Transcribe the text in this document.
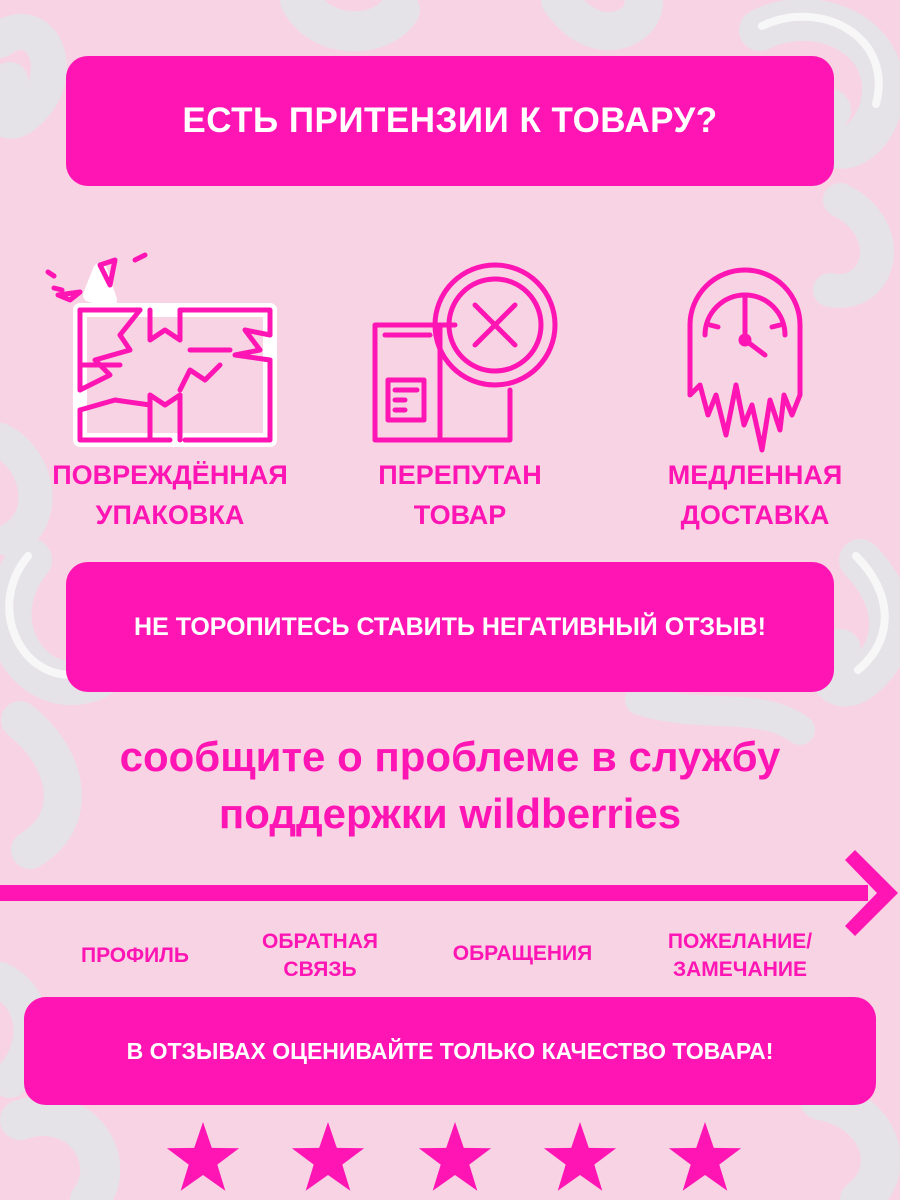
ЕСТЬ ПРИТЕНЗИИ К ТОВАРУ?
ПОВРЕЖДЁННАЯ
УПАКОВКА
ПЕРЕПУТАН
ТОВАР
МЕДЛЕННАЯ
ДОСТАВКА
НЕ ТОРОПИТЕСЬ СТАВИТЬ НЕГАТИВНЫЙ ОТЗЫВ!
сообщите о проблеме в службу
поддержки wildberries
ПРОФИЛЬ
ОБРАТНАЯ
СВЯЗЬ
ОБРАЩЕНИЯ
ПОЖЕЛАНИЕ/
ЗАМЕЧАНИЕ
В ОТЗЫВАХ ОЦЕНИВАЙТЕ ТОЛЬКО КАЧЕСТВО ТОВАРА!
